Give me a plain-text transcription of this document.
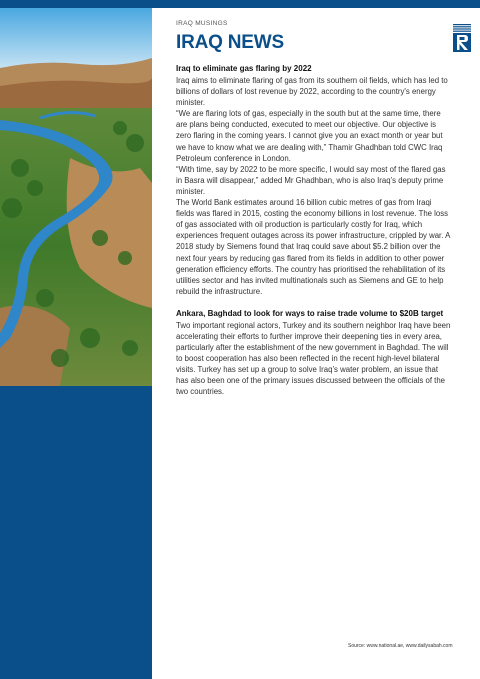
IRAQ MUSINGS
IRAQ NEWS
Iraq to eliminate gas flaring by 2022
Iraq aims to eliminate flaring of gas from its southern oil fields, which has led to billions of dollars of lost revenue by 2022, according to the country's energy minister.
“We are flaring lots of gas, especially in the south but at the same time, there are plans being conducted, executed to meet our objective. Our objective is zero flaring in the coming years. I cannot give you an exact month or year but we have to know what we are dealing with,” Thamir Ghadhban told CWC Iraq Petroleum conference in London.
“With time, say by 2022 to be more specific, I would say most of the flared gas in Basra will disappear,” added Mr Ghadhban, who is also Iraq’s deputy prime minister.
The World Bank estimates around 16 billion cubic metres of gas from Iraqi fields was flared in 2015, costing the economy billions in lost revenue. The loss of gas associated with oil production is particularly costly for Iraq, which experiences frequent outages across its power infrastructure, crippled by war. A 2018 study by Siemens found that Iraq could save about $5.2 billion over the next four years by reducing gas flared from its fields in addition to other power generation efficiency efforts. The country has prioritised the rehabilitation of its utilities sector and has invited multinationals such as Siemens and GE to help rebuild the infrastructure.
Ankara, Baghdad to look for ways to raise trade volume to $20B target
Two important regional actors, Turkey and its southern neighbor Iraq have been accelerating their efforts to further improve their deepening ties in every area, particularly after the establishment of the new government in Baghdad. The will to boost cooperation has also been reflected in the recent high-level bilateral visits. Turkey has set up a group to solve Iraq’s water problem, an issue that has also been one of the primary issues discussed between the officials of the two countries.
Source: www.national.ae, www.dailysabah.com
